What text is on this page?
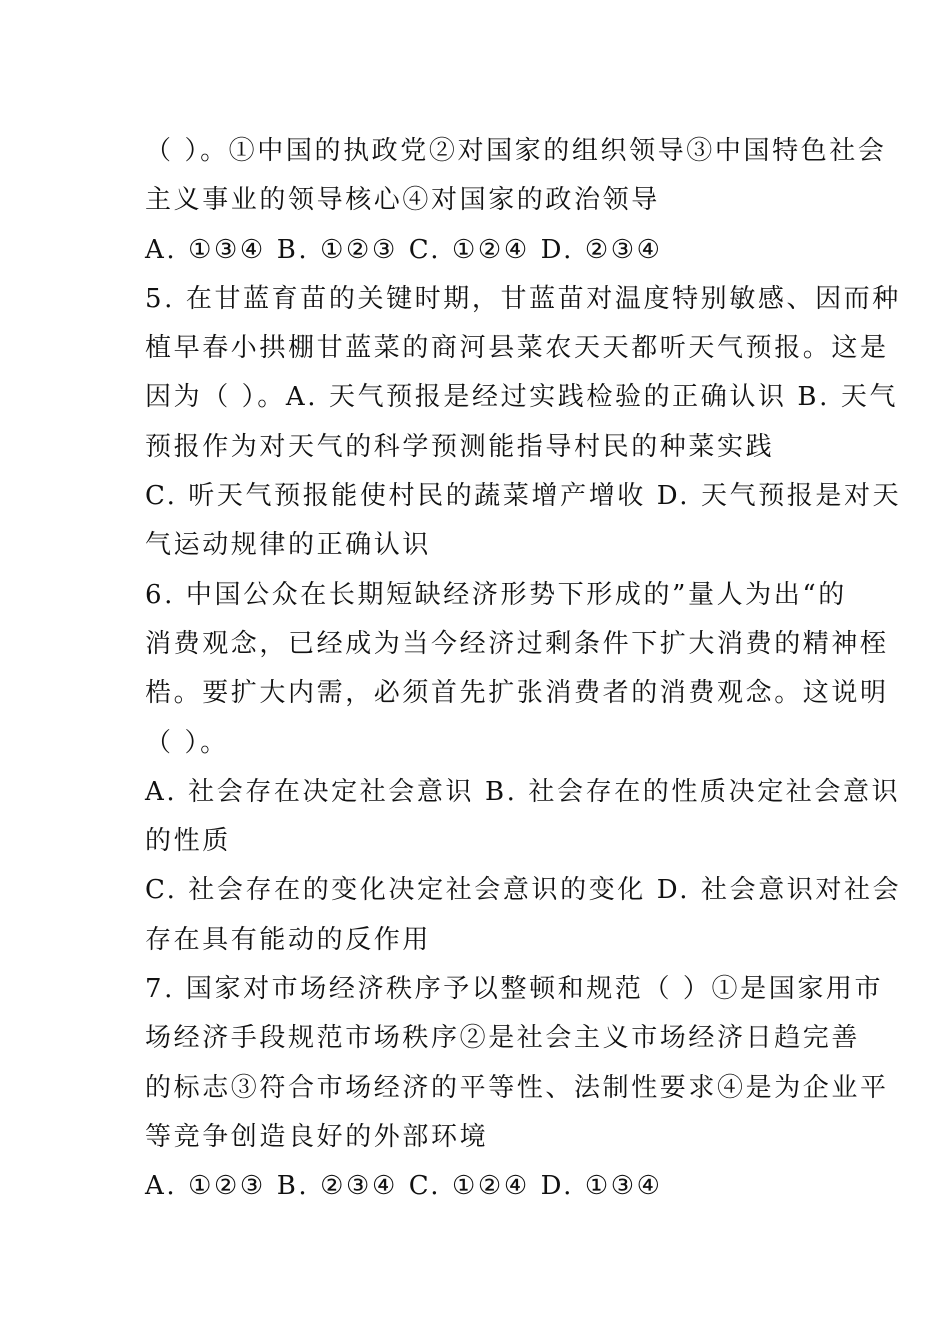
（ ）。①中国的执政党②对国家的组织领导③中国特色社会
主义事业的领导核心④对国家的政治领导
A. ①③④ B. ①②③ C. ①②④ D. ②③④
5. 在甘蓝育苗的关键时期，甘蓝苗对温度特别敏感、因而种
植早春小拱棚甘蓝菜的商河县菜农天天都听天气预报。这是
因为（ ）。A. 天气预报是经过实践检验的正确认识 B. 天气
预报作为对天气的科学预测能指导村民的种菜实践
C. 听天气预报能使村民的蔬菜增产增收 D. 天气预报是对天
气运动规律的正确认识
6. 中国公众在长期短缺经济形势下形成的”量人为出“的
消费观念，已经成为当今经济过剩条件下扩大消费的精神桎
梏。要扩大内需，必须首先扩张消费者的消费观念。这说明
（ ）。
A. 社会存在决定社会意识 B. 社会存在的性质决定社会意识
的性质
C. 社会存在的变化决定社会意识的变化 D. 社会意识对社会
存在具有能动的反作用
7. 国家对市场经济秩序予以整顿和规范（ ）①是国家用市
场经济手段规范市场秩序②是社会主义市场经济日趋完善
的标志③符合市场经济的平等性、法制性要求④是为企业平
等竞争创造良好的外部环境
A. ①②③ B. ②③④ C. ①②④ D. ①③④
